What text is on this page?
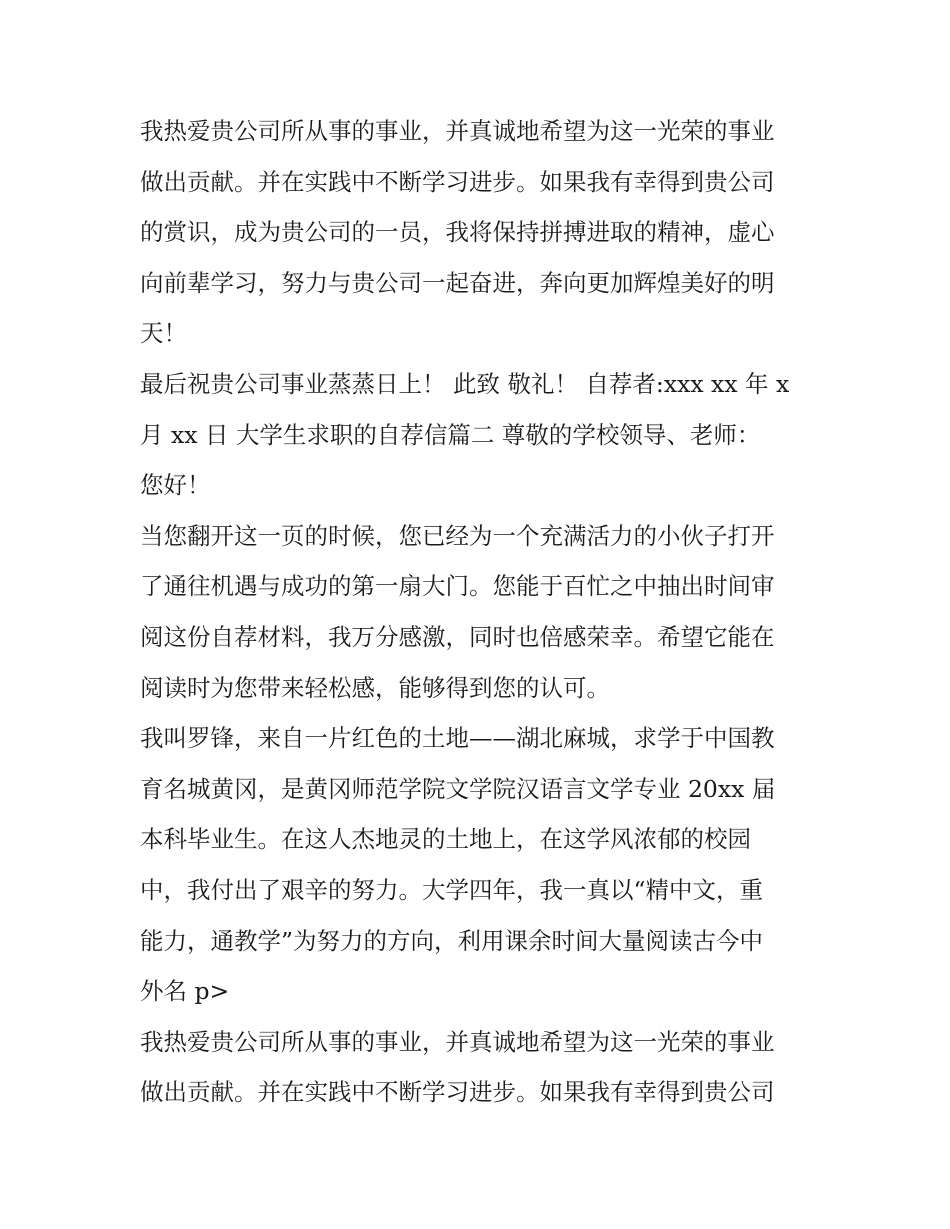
我热爱贵公司所从事的事业，并真诚地希望为这一光荣的事业
做出贡献。并在实践中不断学习进步。如果我有幸得到贵公司
的赏识，成为贵公司的一员，我将保持拼搏进取的精神，虚心
向前辈学习，努力与贵公司一起奋进，奔向更加辉煌美好的明
天！
最后祝贵公司事业蒸蒸日上！ 此致 敬礼！ 自荐者:xxx xx 年 x
月 xx 日 大学生求职的自荐信篇二 尊敬的学校领导、老师：
您好！
当您翻开这一页的时候，您已经为一个充满活力的小伙子打开
了通往机遇与成功的第一扇大门。您能于百忙之中抽出时间审
阅这份自荐材料，我万分感激，同时也倍感荣幸。希望它能在
阅读时为您带来轻松感，能够得到您的认可。
我叫罗锋，来自一片红色的土地——湖北麻城，求学于中国教
育名城黄冈，是黄冈师范学院文学院汉语言文学专业 20xx 届
本科毕业生。在这人杰地灵的土地上，在这学风浓郁的校园
中，我付出了艰辛的努力。大学四年，我一真以“精中文，重
能力，通教学”为努力的方向，利用课余时间大量阅读古今中
外名 p>
我热爱贵公司所从事的事业，并真诚地希望为这一光荣的事业
做出贡献。并在实践中不断学习进步。如果我有幸得到贵公司
